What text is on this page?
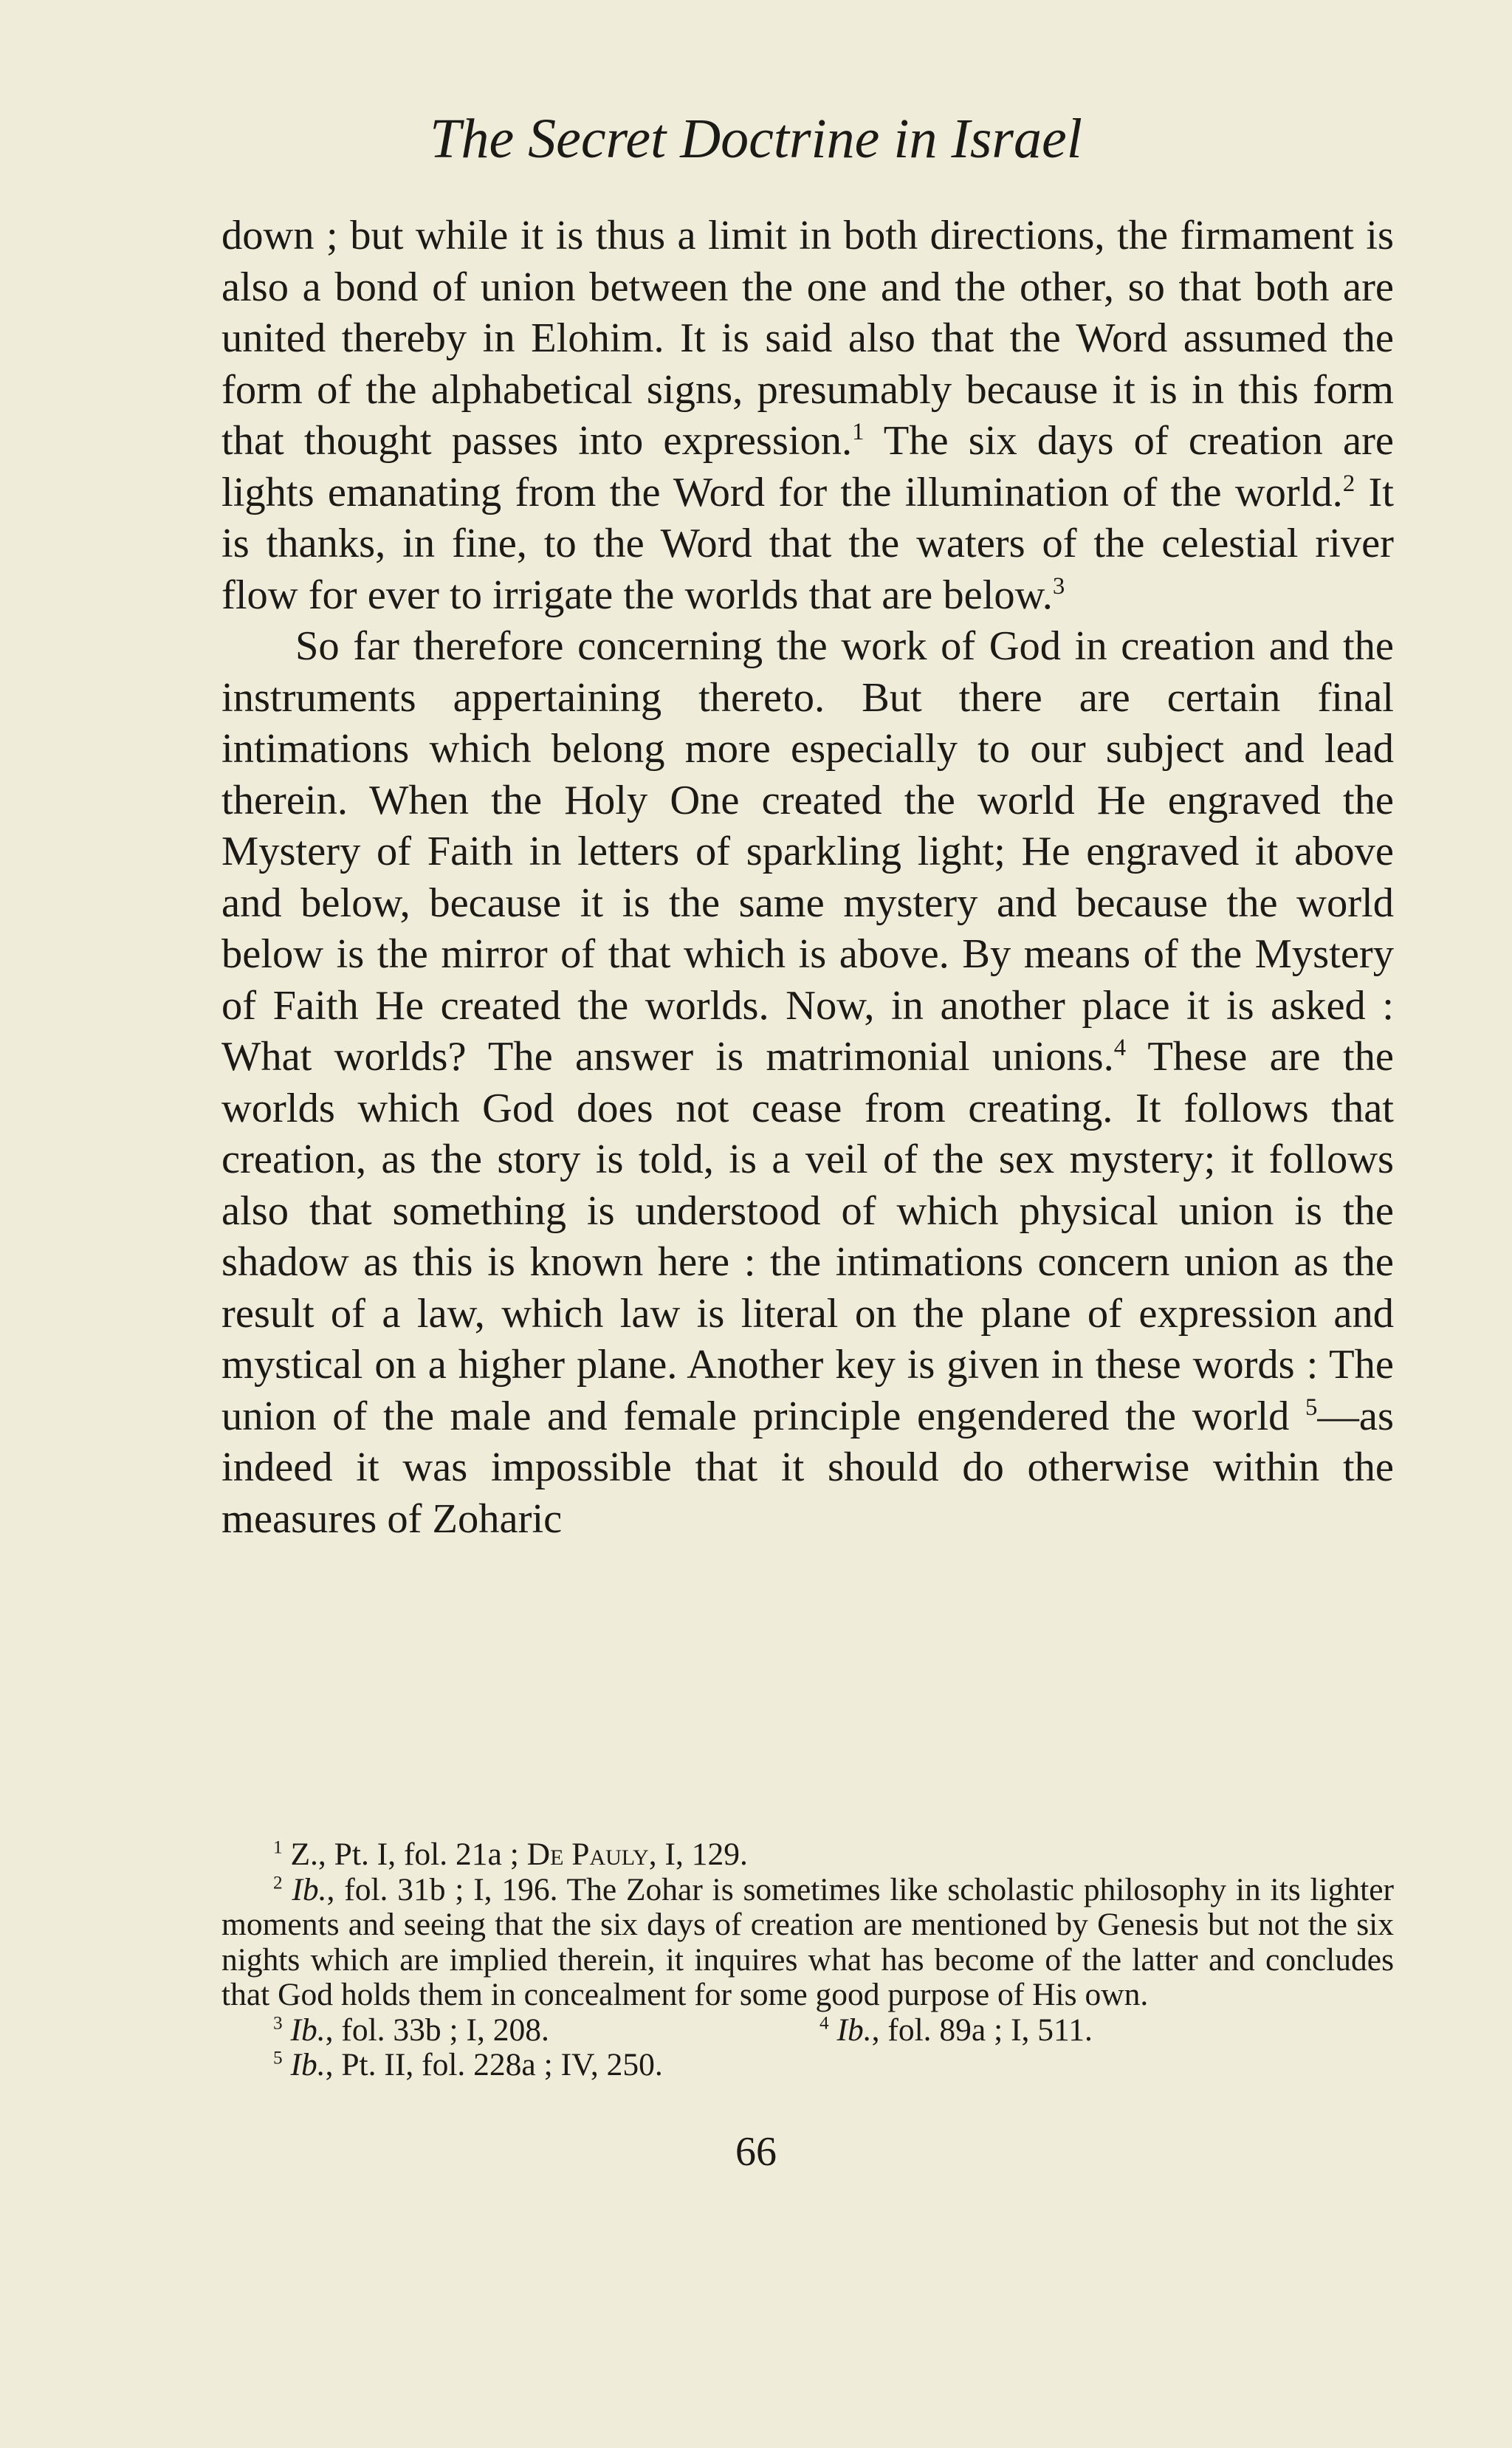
The Secret Doctrine in Israel

down ; but while it is thus a limit in both directions, the firmament is also a bond of union between the one and the other, so that both are united thereby in Elohim. It is said also that the Word assumed the form of the alphabetical signs, presumably because it is in this form that thought passes into expression.$^1$ The six days of creation are lights emanating from the Word for the illumination of the world.$^2$ It is thanks, in fine, to the Word that the waters of the celestial river flow for ever to irrigate the worlds that are below.$^3$

So far therefore concerning the work of God in creation and the instruments appertaining thereto. But there are certain final intimations which belong more especially to our subject and lead therein. When the Holy One created the world He engraved the Mystery of Faith in letters of sparkling light; He engraved it above and below, because it is the same mystery and because the world below is the mirror of that which is above. By means of the Mystery of Faith He created the worlds. Now, in another place it is asked : What worlds? The answer is matrimonial unions.$^4$ These are the worlds which God does not cease from creating. It follows that creation, as the story is told, is a veil of the sex mystery; it follows also that something is understood of which physical union is the shadow as this is known here : the intimations concern union as the result of a law, which law is literal on the plane of expression and mystical on a higher plane. Another key is given in these words : The union of the male and female principle engendered the world $^5$—as indeed it was impossible that it should do otherwise within the measures of Zoharic

$^1$ Z., Pt. I, fol. 21a ; De Pauly, I, 129.

$^2$ Ib., fol. 31b ; I, 196. The Zohar is sometimes like scholastic philosophy in its lighter moments and seeing that the six days of creation are mentioned by Genesis but not the six nights which are implied therein, it inquires what has become of the latter and concludes that God holds them in concealment for some good purpose of His own.

$^3$ Ib., fol. 33b ; I, 208.	$^4$ Ib., fol. 89a ; I, 511.

$^5$ Ib., Pt. II, fol. 228a ; IV, 250.

66
